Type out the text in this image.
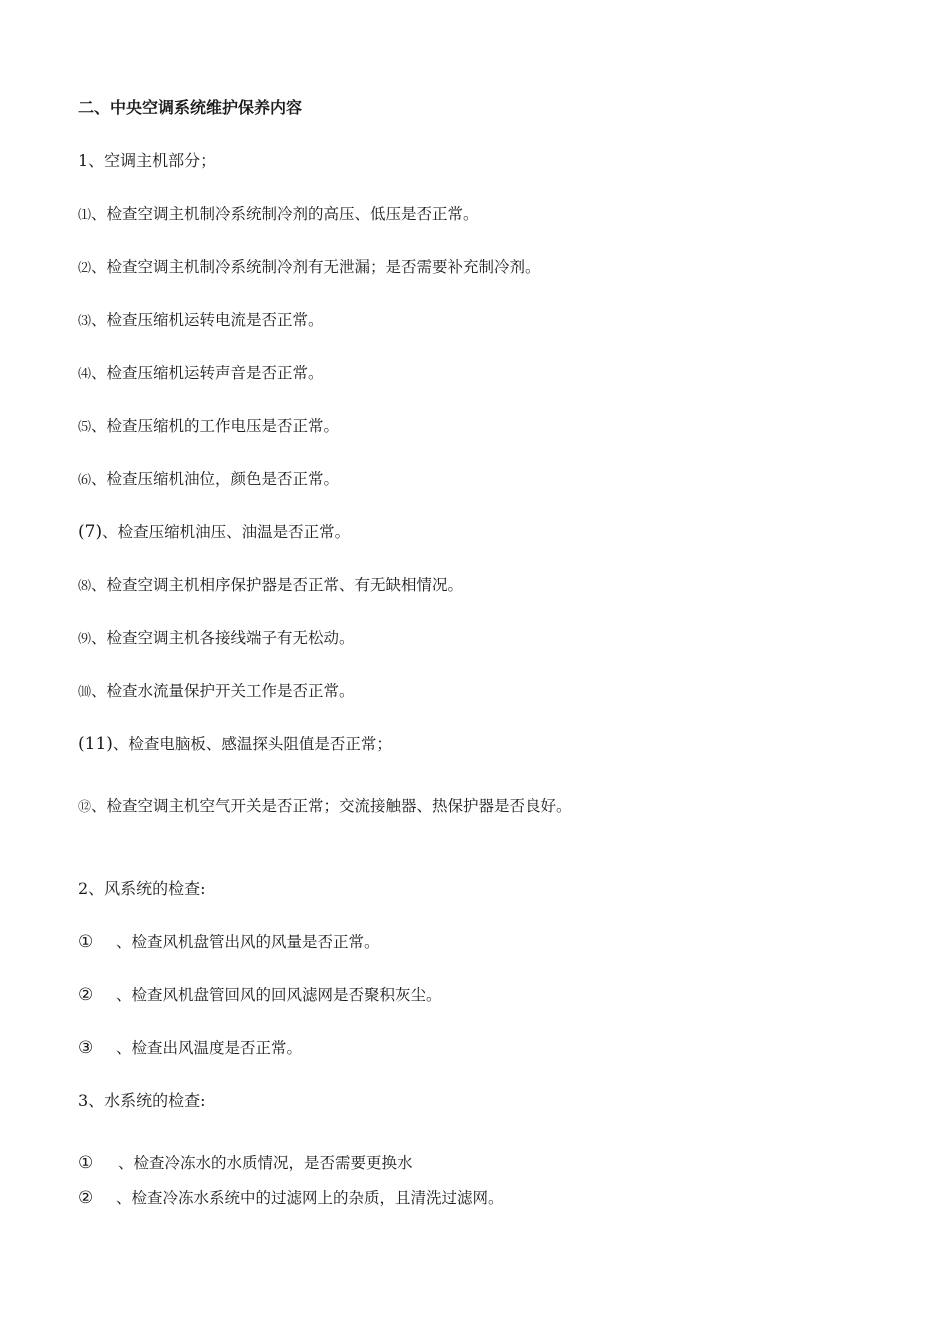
二、中央空调系统维护保养内容
1、空调主机部分；
⑴、检查空调主机制冷系统制冷剂的高压、低压是否正常。
⑵、检查空调主机制冷系统制冷剂有无泄漏；是否需要补充制冷剂。
⑶、检查压缩机运转电流是否正常。
⑷、检查压缩机运转声音是否正常。
⑸、检查压缩机的工作电压是否正常。
⑹、检查压缩机油位，颜色是否正常。
(7)、检查压缩机油压、油温是否正常。
⑻、检查空调主机相序保护器是否正常、有无缺相情况。
⑼、检查空调主机各接线端子有无松动。
⑽、检查水流量保护开关工作是否正常。
(11)、检查电脑板、感温探头阻值是否正常；
⑫、检查空调主机空气开关是否正常；交流接触器、热保护器是否良好。
2、风系统的检查:
① 、检查风机盘管出风的风量是否正常。
② 、检查风机盘管回风的回风滤网是否聚积灰尘。
③ 、检查出风温度是否正常。
3、水系统的检查:
① 、检查冷冻水的水质情况，是否需要更换水
② 、检查冷冻水系统中的过滤网上的杂质，且清洗过滤网。
